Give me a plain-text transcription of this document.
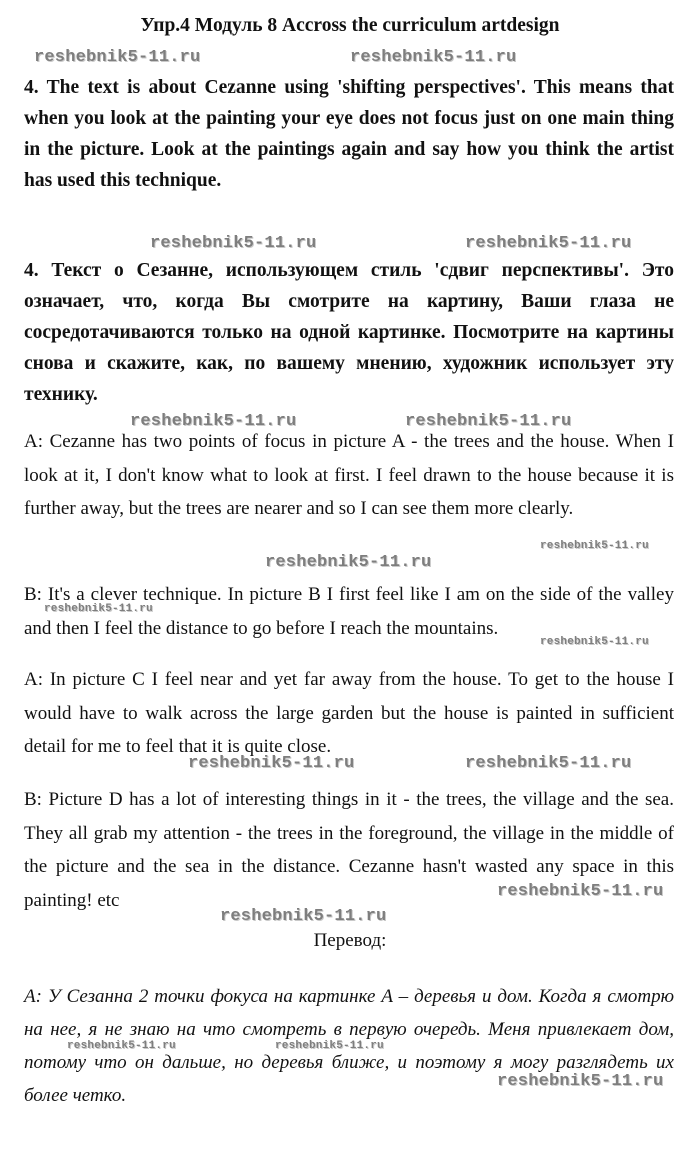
Упр.4 Модуль 8 Accross the curriculum artdesign
4. The text is about Cezanne using 'shifting perspectives'. This means that when you look at the painting your eye does not focus just on one main thing in the picture. Look at the paintings again and say how you think the artist has used this technique.
4. Текст о Сезанне, использующем стиль 'сдвиг перспективы'. Это означает, что, когда Вы смотрите на картину, Ваши глаза не сосредотачиваются только на одной картинке. Посмотрите на картины снова и скажите, как, по вашему мнению, художник использует эту технику.
A: Cezanne has two points of focus in picture A - the trees and the house. When I look at it, I don't know what to look at first. I feel drawn to the house because it is further away, but the trees are nearer and so I can see them more clearly.
B: It's a clever technique. In picture B I first feel like I am on the side of the valley and then I feel the distance to go before I reach the mountains.
A: In picture C I feel near and yet far away from the house. To get to the house I would have to walk across the large garden but the house is painted in sufficient detail for me to feel that it is quite close.
B: Picture D has a lot of interesting things in it - the trees, the village and the sea. They all grab my attention - the trees in the foreground, the village in the middle of the picture and the sea in the distance. Cezanne hasn't wasted any space in this painting! etc
Перевод:
A: У Сезанна 2 точки фокуса на картинке A – деревья и дом. Когда я смотрю на нее, я не знаю на что смотреть в первую очередь. Меня привлекает дом, потому что он дальше, но деревья ближе, и поэтому я могу разглядеть их более четко.
reshebnik5-11.ru	reshebnik5-11.ru
reshebnik5-11.ru	reshebnik5-11.ru
reshebnik5-11.ru	reshebnik5-11.ru
reshebnik5-11.ru
reshebnik5-11.ru
reshebnik5-11.ru
reshebnik5-11.ru
reshebnik5-11.ru	reshebnik5-11.ru
reshebnik5-11.ru
reshebnik5-11.ru
reshebnik5-11.ru	reshebnik5-11.ru
reshebnik5-11.ru
